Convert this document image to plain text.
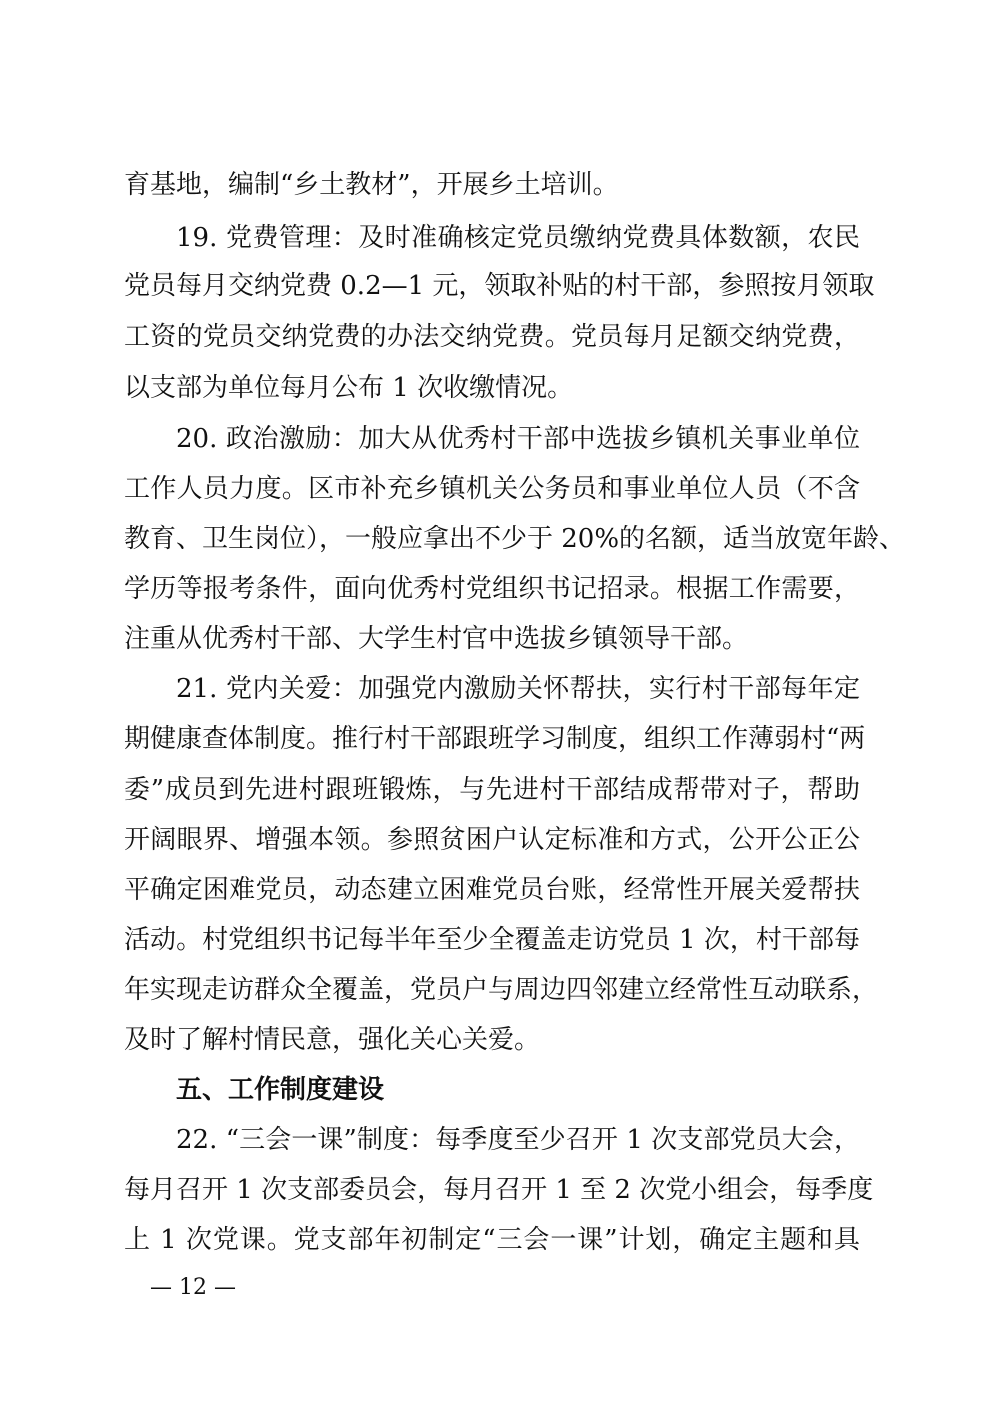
育基地，编制“乡土教材”，开展乡土培训。
19. 党费管理：及时准确核定党员缴纳党费具体数额，农民
党员每月交纳党费 0.2—1 元，领取补贴的村干部，参照按月领取
工资的党员交纳党费的办法交纳党费。党员每月足额交纳党费，
以支部为单位每月公布 1 次收缴情况。
20. 政治激励：加大从优秀村干部中选拔乡镇机关事业单位
工作人员力度。区市补充乡镇机关公务员和事业单位人员（不含
教育、卫生岗位），一般应拿出不少于 20%的名额，适当放宽年龄、
学历等报考条件，面向优秀村党组织书记招录。根据工作需要，
注重从优秀村干部、大学生村官中选拔乡镇领导干部。
21. 党内关爱：加强党内激励关怀帮扶，实行村干部每年定
期健康查体制度。推行村干部跟班学习制度，组织工作薄弱村“两
委”成员到先进村跟班锻炼，与先进村干部结成帮带对子，帮助
开阔眼界、增强本领。参照贫困户认定标准和方式，公开公正公
平确定困难党员，动态建立困难党员台账，经常性开展关爱帮扶
活动。村党组织书记每半年至少全覆盖走访党员 1 次，村干部每
年实现走访群众全覆盖，党员户与周边四邻建立经常性互动联系，
及时了解村情民意，强化关心关爱。
五、工作制度建设
22. “三会一课”制度：每季度至少召开 1 次支部党员大会，
每月召开 1 次支部委员会，每月召开 1 至 2 次党小组会，每季度
上 1 次党课。党支部年初制定“三会一课”计划，确定主题和具
— 12 —
